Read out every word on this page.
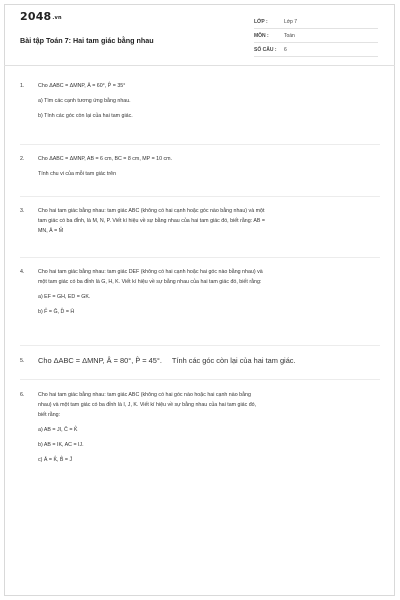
2048.vn
Bài tập Toán 7: Hai tam giác bằng nhau
LỚP :	Lớp 7
MÔN :	Toán
SỐ CÂU : 6
1.	Cho ΔABC = ΔMNP, Â = 60°, P̂ = 35°
a) Tìm các cạnh tương ứng bằng nhau.
b) Tính các góc còn lại của hai tam giác.
2.	Cho ΔABC = ΔMNP, AB = 6 cm, BC = 8 cm, MP = 10 cm.
Tính chu vi của mỗi tam giác trên
3.	Cho hai tam giác bằng nhau: tam giác ABC (không có hai cạnh hoặc góc nào bằng nhau) và một
tam giác có ba đỉnh, là M, N, P. Viết kí hiệu về sự bằng nhau của hai tam giác đó, biết rằng: AB =
MN, Â = M̂
4.	Cho hai tam giác bằng nhau: tam giác DEF (không có hai cạnh hoặc hai góc nào bằng nhau) và
một tam giác có ba đỉnh là G, H, K. Viết kí hiệu về sự bằng nhau của hai tam giác đó, biết rằng:
a) EF = GH, ED = GK.
b) F̂ = Ĝ, D̂ = Ĥ
5. Cho ΔABC = ΔMNP, Â = 80°, P̂ = 45°. Tính các góc còn lại của hai tam giác.
6.	Cho hai tam giác bằng nhau: tam giác ABC (không có hai góc nào hoặc hai cạnh nào bằng
nhau) và một tam giác có ba đỉnh là I, J, K. Viết kí hiệu về sự bằng nhau của hai tam giác đó,
biết rằng:
a) AB = JI, Ĉ = K̂
b) AB = IK, AC = IJ.
c) Â = K̂, B̂ = Ĵ
